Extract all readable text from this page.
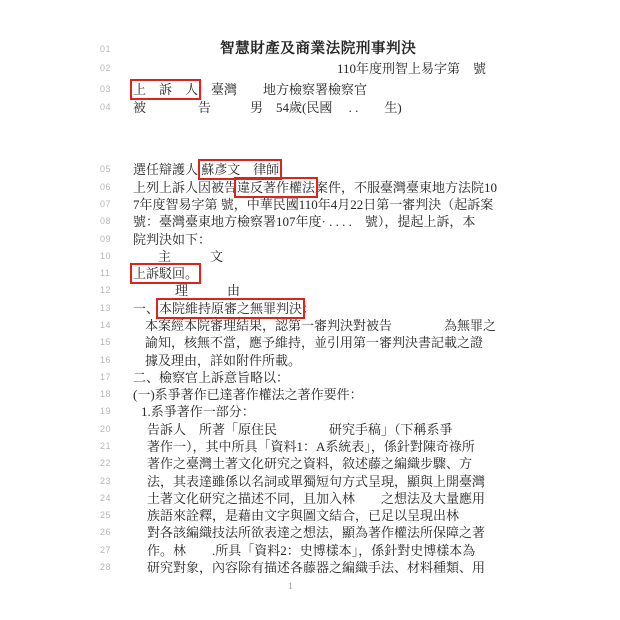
01	智慧財產及商業法院刑事判決
02	110年度刑智上易字第　號
03 上　訴　人　臺灣　　地方檢察署檢察官
04 被　　　　告　　　男　54歲(民國　 . .　　生)
05 選任辯護人 蘇彥文　律師
06 上列上訴人因被告違反著作權法案件，不服臺灣臺東地方法院10
07 7年度智易字第 號，中華民國110年4月22日第一審判決（起訴案
08 號：臺灣臺東地方檢察署107年度· . . . .　號），提起上訴，本
09 院判決如下：
10	主　　　文
11 上訴駁回。
12	理　　　由
13 一、本院維持原審之無罪判決：
14	本案經本院審理結果，認第一審判決對被告　　　　為無罪之
15	諭知，核無不當，應予維持，並引用第一審判決書記載之證
16	據及理由，詳如附件所載。
17 二、檢察官上訴意旨略以：
18 (一)系爭著作已達著作權法之著作要件：
19 1.系爭著作一部分：
20	告訴人　所著「原住民　　　　研究手稿」（下稱系爭
21	著作一），其中所具「資料1：A系統表」，係針對陳奇祿所
22	著作之臺灣土著文化研究之資料，敘述藤之編織步驟、方
23	法，其表達雖係以名詞或單獨短句方式呈現，顯與上開臺灣
24	土著文化研究之描述不同，且加入林　　之想法及大量應用
25	族語來詮釋，是藉由文字與圖文結合，已足以呈現出林
26	對各該編織技法所欲表達之想法，顯為著作權法所保障之著
27	作。林　　.所具「資料2：史博樣本」，係針對史博樣本為
28	研究對象，內容除有描述各藤器之編織手法、材料種類、用
1
